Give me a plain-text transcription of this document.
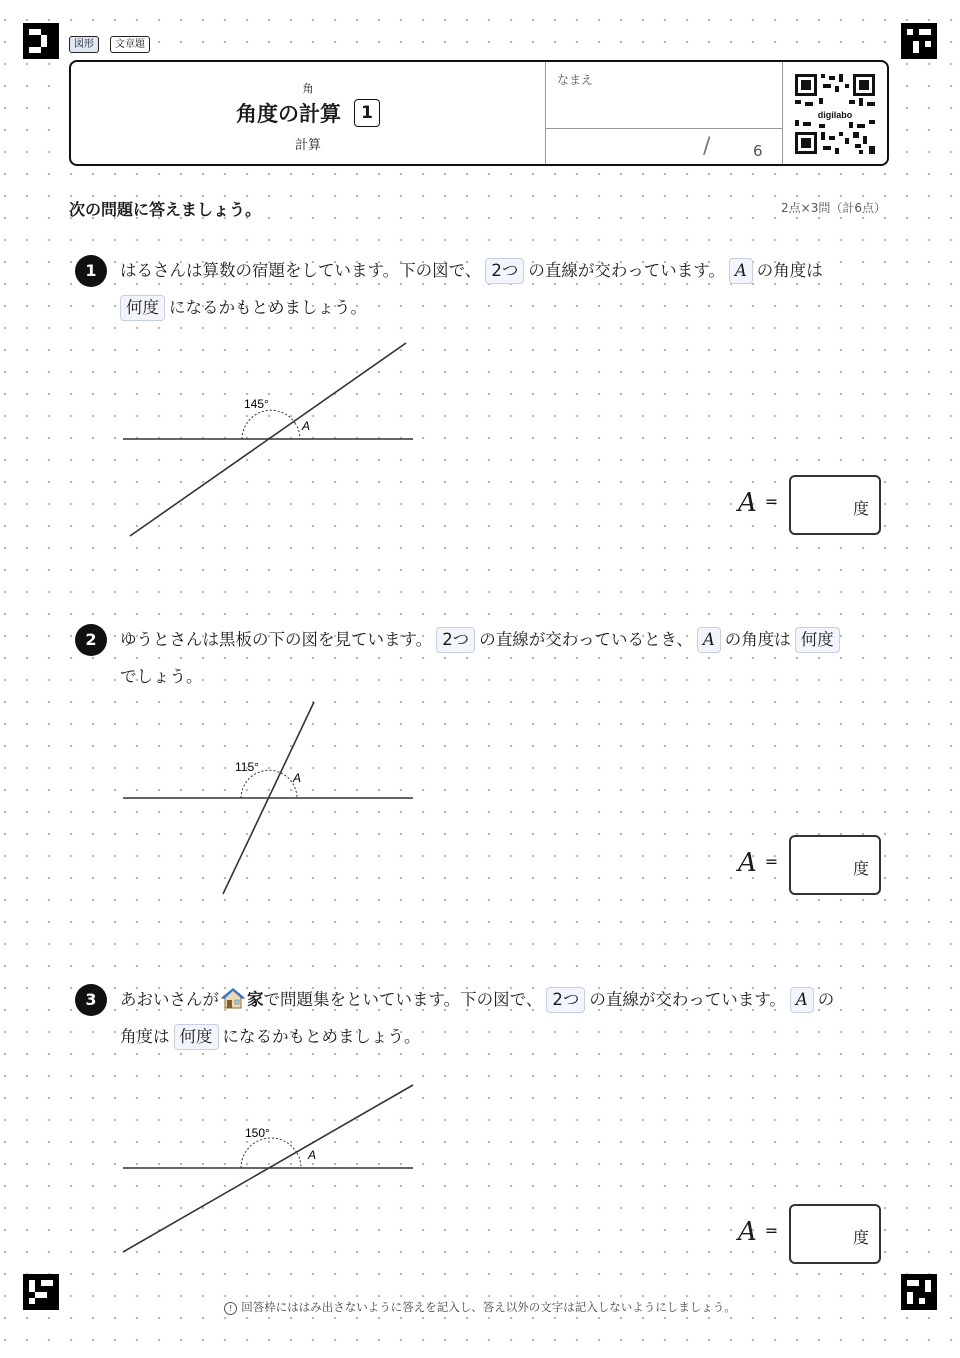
図形	文章題
角
角度の計算 1
計算
なまえ
/	6
digilabo
次の問題に答えましょう。	2点×3問（計6点）
1	はるさんは算数の宿題をしています。下の図で、 2つ の直線が交わっています。 A の角度は
何度 になるかもとめましょう。
145°
A
A =	度
2	ゆうとさんは黒板の下の図を見ています。 2つ の直線が交わっているとき、 A の角度は 何度
でしょう。
115°
A
A =	度
3	あおいさんが 家で問題集をといています。下の図で、 2つ の直線が交わっています。 A の
角度は 何度 になるかもとめましょう。
150°
A
A =	度
! 回答枠にははみ出さないように答えを記入し、答え以外の文字は記入しないようにしましょう。
